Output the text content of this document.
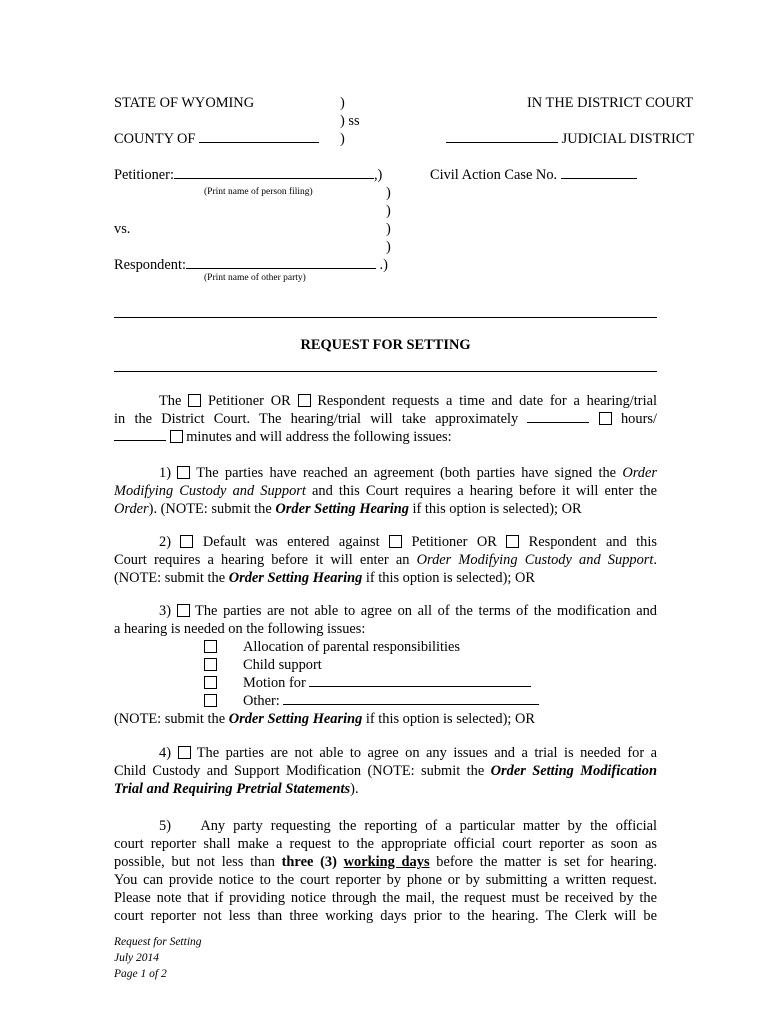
STATE OF WYOMING	)	IN THE DISTRICT COURT
) ss
COUNTY OF	)	JUDICIAL DISTRICT
Petitioner:	,)	Civil Action Case No.
(Print name of person filing)	)
)
vs.	)
)
Respondent:	.)
(Print name of other party)
REQUEST FOR SETTING
The Petitioner OR Respondent requests a time and date for a hearing/trial
in the District Court. The hearing/trial will take approximately	hours/
minutes and will address the following issues:
1) The parties have reached an agreement (both parties have signed the Order
Modifying Custody and Support and this Court requires a hearing before it will enter the
Order). (NOTE: submit the Order Setting Hearing if this option is selected); OR
2) Default was entered against Petitioner OR Respondent and this
Court requires a hearing before it will enter an Order Modifying Custody and Support.
(NOTE: submit the Order Setting Hearing if this option is selected); OR
3) The parties are not able to agree on all of the terms of the modification and
a hearing is needed on the following issues:
Allocation of parental responsibilities
Child support
Motion for
Other:
(NOTE: submit the Order Setting Hearing if this option is selected); OR
4) The parties are not able to agree on any issues and a trial is needed for a
Child Custody and Support Modification (NOTE: submit the Order Setting Modification
Trial and Requiring Pretrial Statements).
5) Any party requesting the reporting of a particular matter by the official
court reporter shall make a request to the appropriate official court reporter as soon as
possible, but not less than three (3) working days before the matter is set for hearing.
You can provide notice to the court reporter by phone or by submitting a written request.
Please note that if providing notice through the mail, the request must be received by the
court reporter not less than three working days prior to the hearing. The Clerk will be
Request for Setting
July 2014
Page 1 of 2
